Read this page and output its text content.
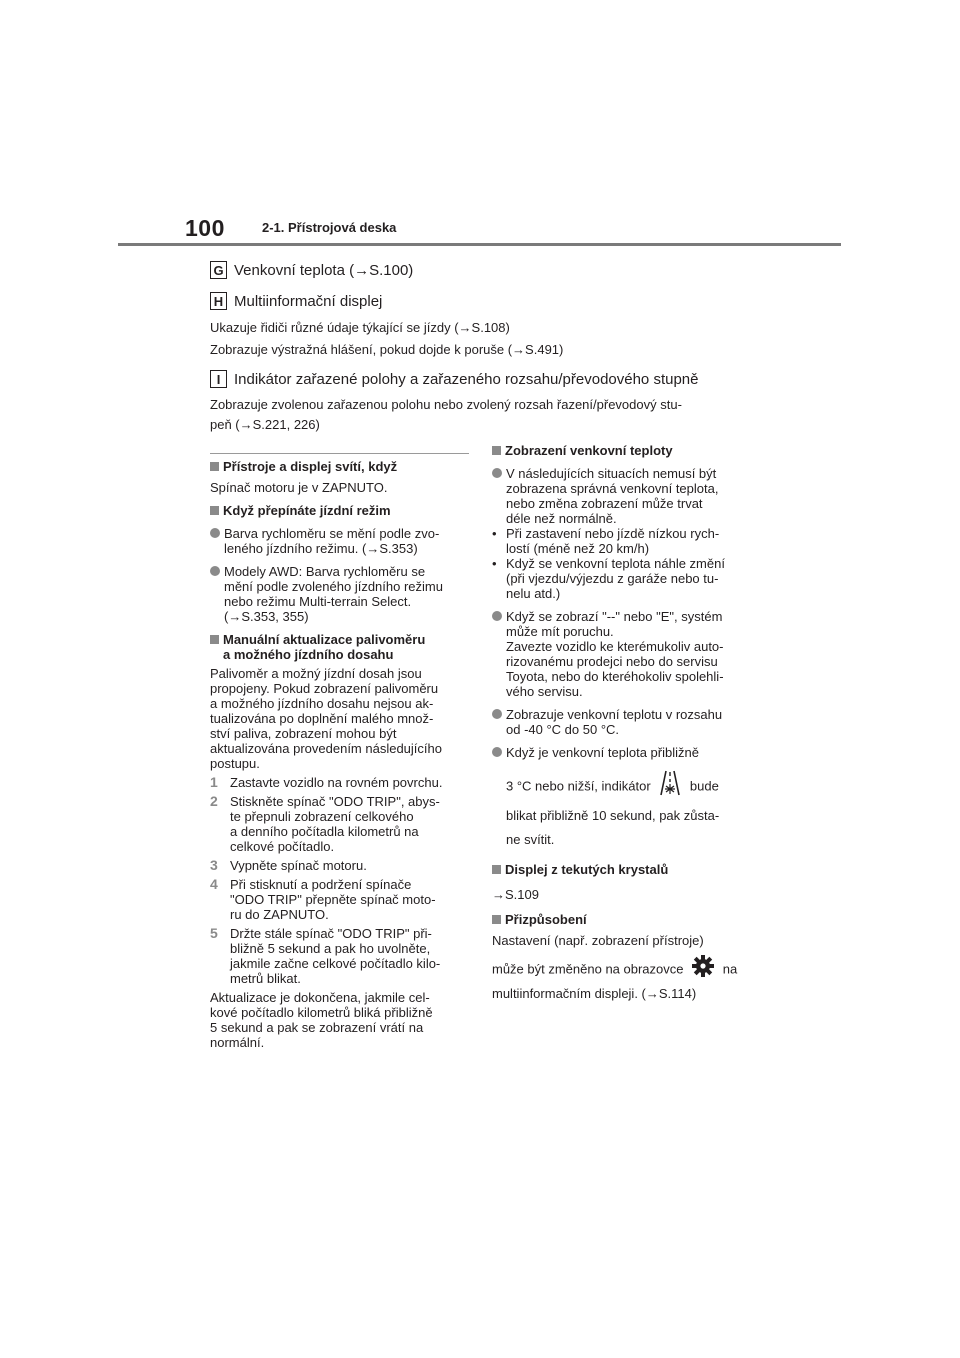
100	2-1. Přístrojová deska
G Venkovní teplota (→S.100)
H Multiinformační displej
Ukazuje řidiči různé údaje týkající se jízdy (→S.108)
Zobrazuje výstražná hlášení, pokud dojde k poruše (→S.491)
I Indikátor zařazené polohy a zařazeného rozsahu/převodového stupně
Zobrazuje zvolenou zařazenou polohu nebo zvolený rozsah řazení/převodový stu-
peň (→S.221, 226)
Přístroje a displej svítí, když
Spínač motoru je v ZAPNUTO.
Když přepínáte jízdní režim
Barva rychloměru se mění podle zvo-
leného jízdního režimu. (→S.353)
Modely AWD: Barva rychloměru se
mění podle zvoleného jízdního režimu
nebo režimu Multi-terrain Select.
(→S.353, 355)
Manuální aktualizace palivoměru
a možného jízdního dosahu
Palivoměr a možný jízdní dosah jsou
propojeny. Pokud zobrazení palivoměru
a možného jízdního dosahu nejsou ak-
tualizována po doplnění malého množ-
ství paliva, zobrazení mohou být
aktualizována provedením následujícího
postupu.
1 Zastavte vozidlo na rovném povrchu.
2 Stiskněte spínač "ODO TRIP", abys-
te přepnuli zobrazení celkového
a denního počítadla kilometrů na
celkové počítadlo.
3 Vypněte spínač motoru.
4 Při stisknutí a podržení spínače
"ODO TRIP" přepněte spínač moto-
ru do ZAPNUTO.
5 Držte stále spínač "ODO TRIP" při-
bližně 5 sekund a pak ho uvolněte,
jakmile začne celkové počítadlo kilo-
metrů blikat.
Aktualizace je dokončena, jakmile cel-
kové počítadlo kilometrů bliká přibližně
5 sekund a pak se zobrazení vrátí na
normální.
Zobrazení venkovní teploty
V následujících situacích nemusí být
zobrazena správná venkovní teplota,
nebo změna zobrazení může trvat
déle než normálně.
• Při zastavení nebo jízdě nízkou rych-
lostí (méně než 20 km/h)
• Když se venkovní teplota náhle změní
(při vjezdu/výjezdu z garáže nebo tu-
nelu atd.)
Když se zobrazí "--" nebo "E", systém
může mít poruchu.
Zavezte vozidlo ke kterémukoliv auto-
rizovanému prodejci nebo do servisu
Toyota, nebo do kteréhokoliv spolehli-
vého servisu.
Zobrazuje venkovní teplotu v rozsahu
od -40 °C do 50 °C.
Když je venkovní teplota přibližně
3 °C nebo nižší, indikátor	bude
blikat přibližně 10 sekund, pak zůsta-
ne svítit.
Displej z tekutých krystalů
→S.109
Přizpůsobení
Nastavení (např. zobrazení přístroje)
může být změněno na obrazovce	na
multiinformačním displeji. (→S.114)
